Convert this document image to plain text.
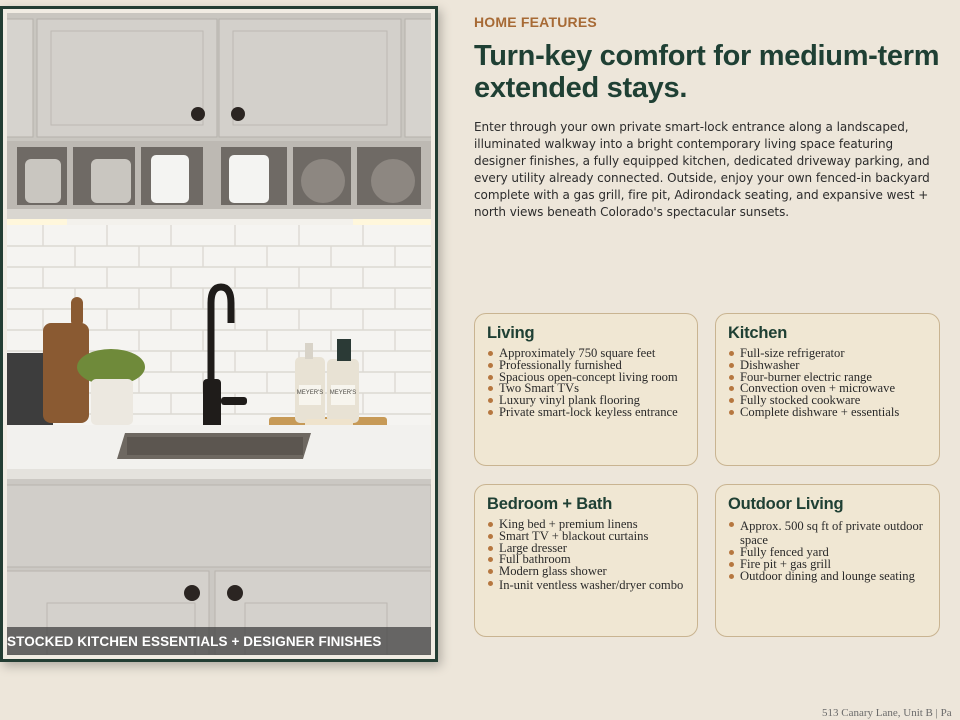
MEYER'S MEYER'S
STOCKED KITCHEN ESSENTIALS + DESIGNER FINISHES
HOME FEATURES
Turn-key comfort for medium-term extended stays.

Enter through your own private smart-lock entrance along a landscaped, illuminated walkway into a bright contemporary living space featuring designer finishes, a fully equipped kitchen, dedicated driveway parking, and every utility already connected. Outside, enjoy your own fenced-in backyard complete with a gas grill, fire pit, Adirondack seating, and expansive west + north views beneath Colorado's spectacular sunsets.

Living
Approximately 750 square feet
Professionally furnished
Spacious open-concept living room
Two Smart TVs
Luxury vinyl plank flooring
Private smart-lock keyless entrance
Kitchen
Full-size refrigerator
Dishwasher
Four-burner electric range
Convection oven + microwave
Fully stocked cookware
Complete dishware + essentials
Bedroom + Bath
King bed + premium linens
Smart TV + blackout curtains
Large dresser
Full bathroom
Modern glass shower
In-unit ventless washer/dryer combo
Outdoor Living
Approx. 500 sq ft of private outdoor space
Fully fenced yard
Fire pit + gas grill
Outdoor dining and lounge seating
513 Canary Lane, Unit B | Pa
